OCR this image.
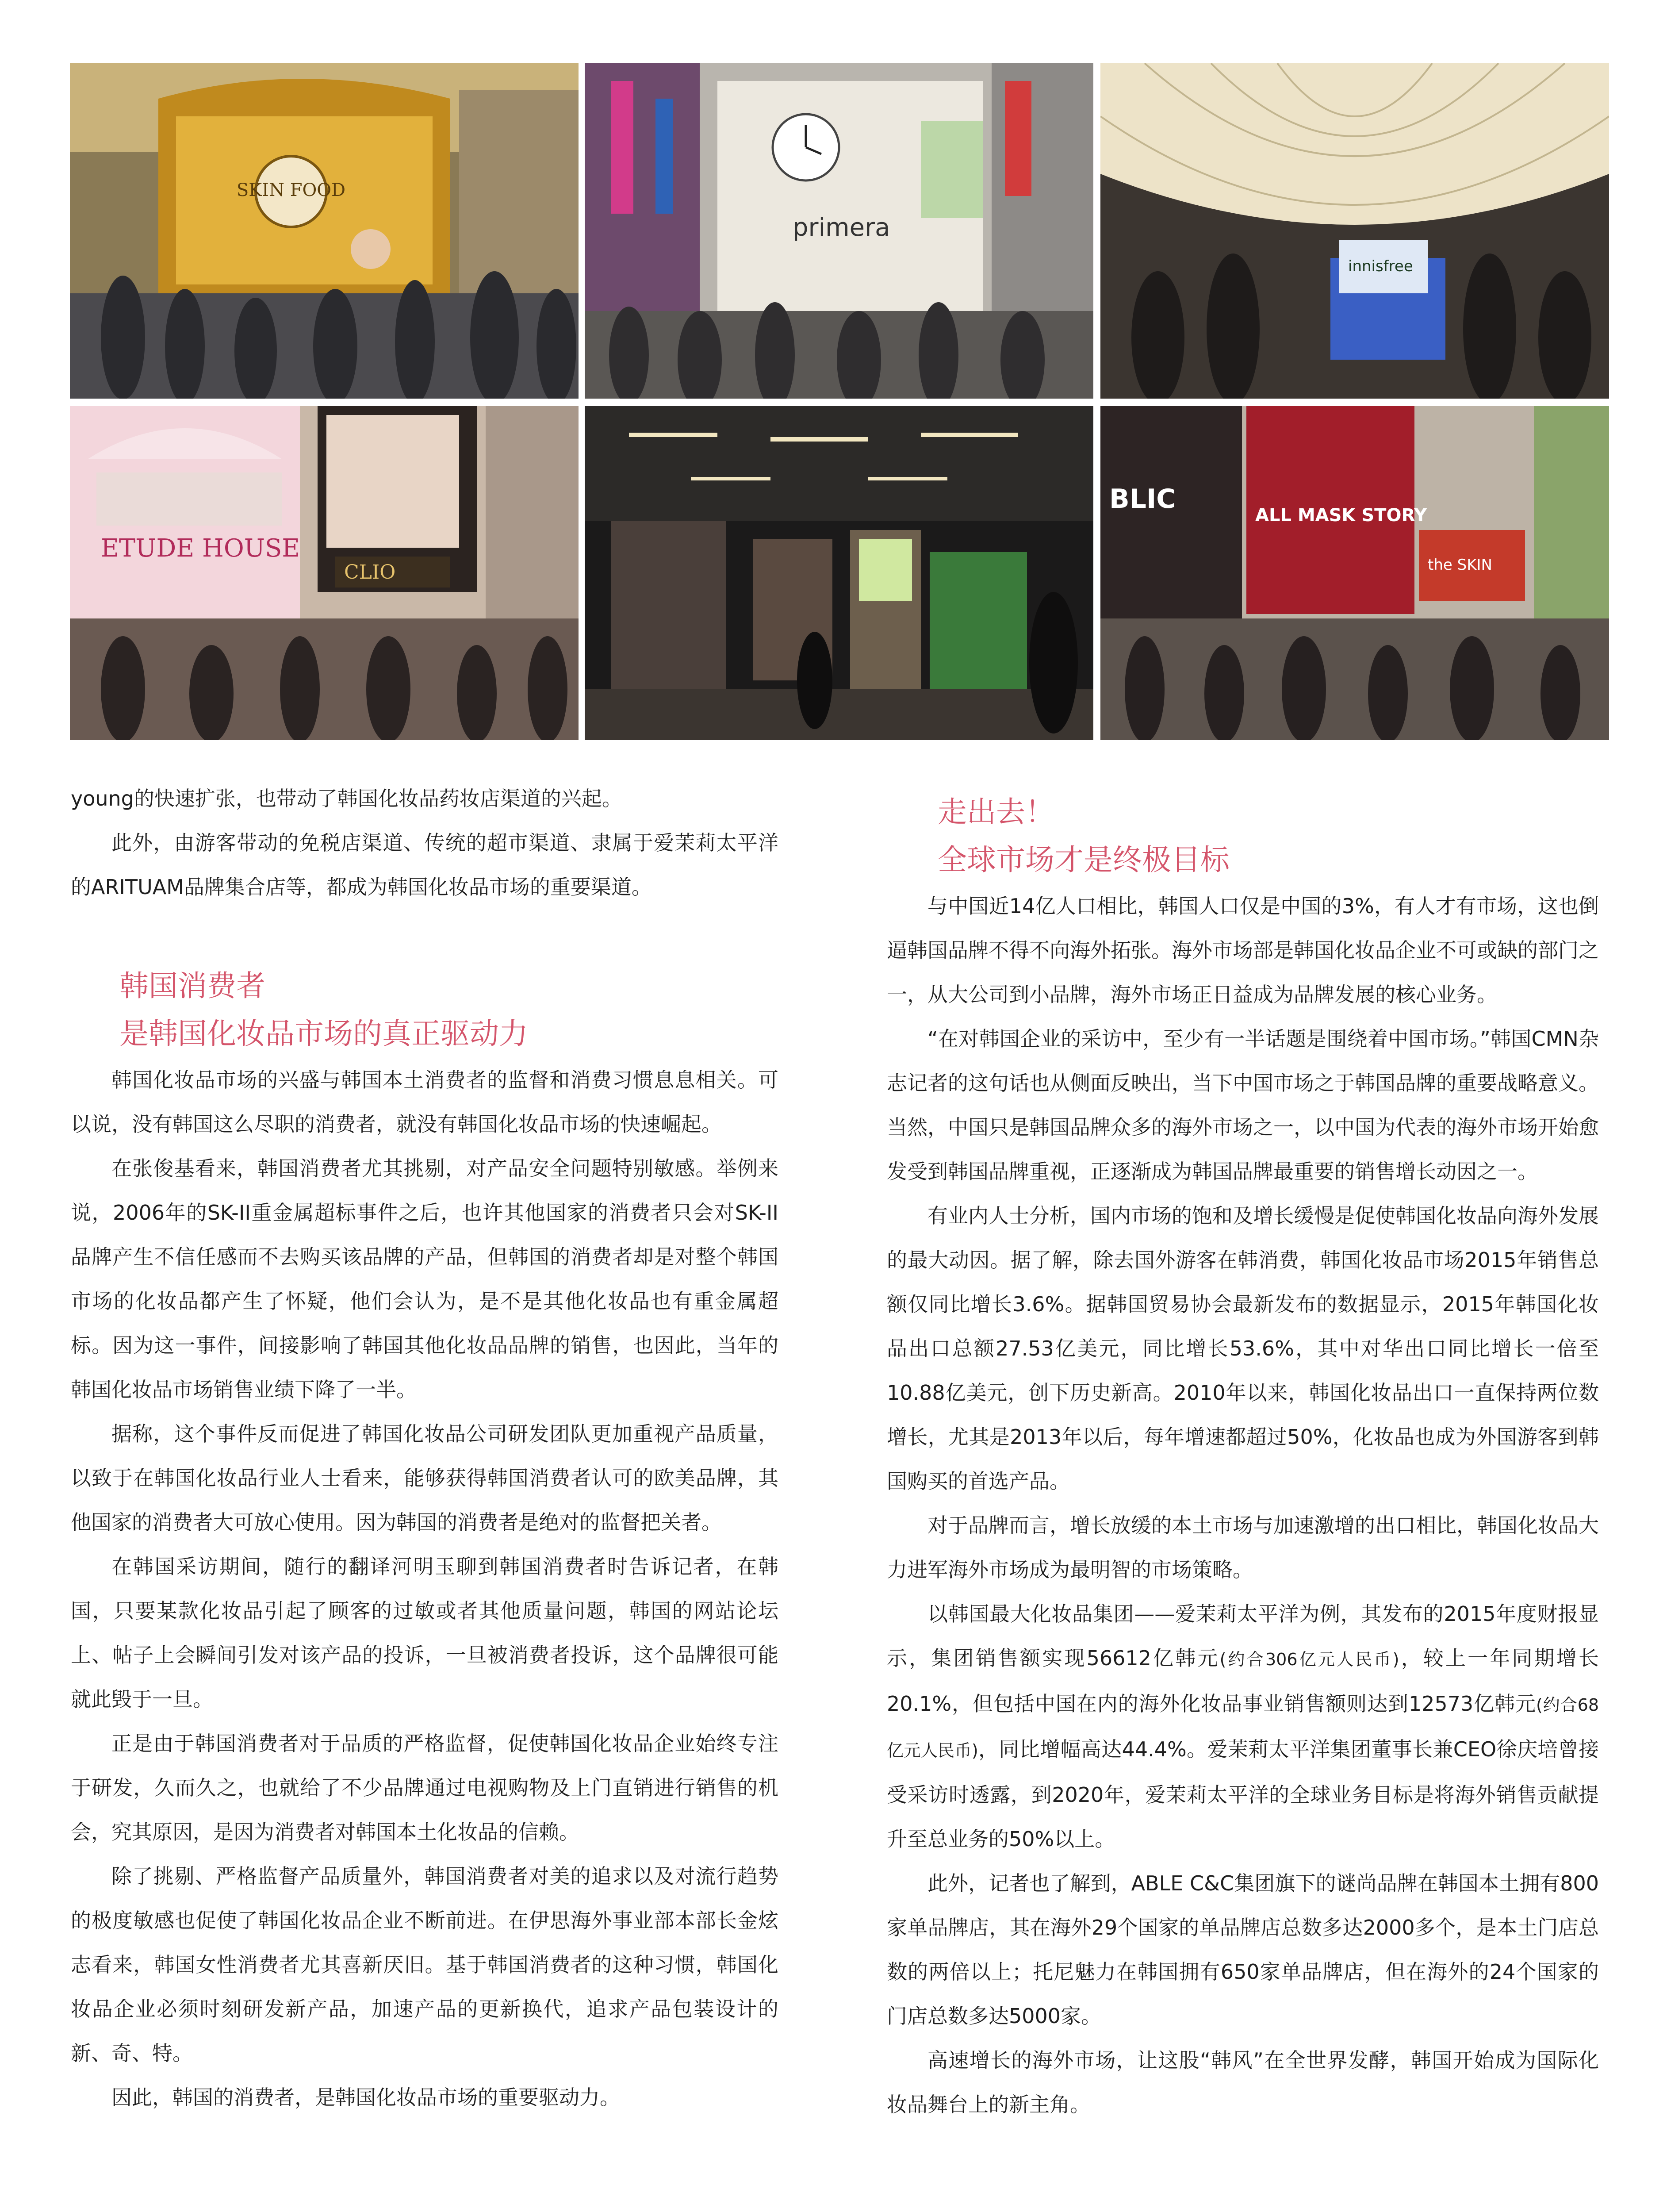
SKIN FOOD
primera
innisfree
ETUDE HOUSE
CLIO
BLIC
ALL MASK STORY
the SKIN

young的快速扩张，也带动了韩国化妆品药妆店渠道的兴起。

此外，由游客带动的免税店渠道、传统的超市渠道、隶属于爱茉莉太平洋的ARITUAM品牌集合店等，都成为韩国化妆品市场的重要渠道。

韩国消费者

是韩国化妆品市场的真正驱动力

韩国化妆品市场的兴盛与韩国本土消费者的监督和消费习惯息息相关。可以说，没有韩国这么尽职的消费者，就没有韩国化妆品市场的快速崛起。

在张俊基看来，韩国消费者尤其挑剔，对产品安全问题特别敏感。举例来说，2006年的SK-II重金属超标事件之后，也许其他国家的消费者只会对SK-II品牌产生不信任感而不去购买该品牌的产品，但韩国的消费者却是对整个韩国市场的化妆品都产生了怀疑，他们会认为，是不是其他化妆品也有重金属超标。因为这一事件，间接影响了韩国其他化妆品品牌的销售，也因此，当年的韩国化妆品市场销售业绩下降了一半。

据称，这个事件反而促进了韩国化妆品公司研发团队更加重视产品质量，以致于在韩国化妆品行业人士看来，能够获得韩国消费者认可的欧美品牌，其他国家的消费者大可放心使用。因为韩国的消费者是绝对的监督把关者。

在韩国采访期间，随行的翻译河明玉聊到韩国消费者时告诉记者，在韩国，只要某款化妆品引起了顾客的过敏或者其他质量问题，韩国的网站论坛上、帖子上会瞬间引发对该产品的投诉，一旦被消费者投诉，这个品牌很可能就此毁于一旦。

正是由于韩国消费者对于品质的严格监督，促使韩国化妆品企业始终专注于研发，久而久之，也就给了不少品牌通过电视购物及上门直销进行销售的机会，究其原因，是因为消费者对韩国本土化妆品的信赖。

除了挑剔、严格监督产品质量外，韩国消费者对美的追求以及对流行趋势的极度敏感也促使了韩国化妆品企业不断前进。在伊思海外事业部本部长金炫志看来，韩国女性消费者尤其喜新厌旧。基于韩国消费者的这种习惯，韩国化妆品企业必须时刻研发新产品，加速产品的更新换代，追求产品包装设计的新、奇、特。

因此，韩国的消费者，是韩国化妆品市场的重要驱动力。

走出去！

全球市场才是终极目标

与中国近14亿人口相比，韩国人口仅是中国的3%，有人才有市场，这也倒逼韩国品牌不得不向海外拓张。海外市场部是韩国化妆品企业不可或缺的部门之一，从大公司到小品牌，海外市场正日益成为品牌发展的核心业务。

“在对韩国企业的采访中，至少有一半话题是围绕着中国市场。”韩国CMN杂志记者的这句话也从侧面反映出，当下中国市场之于韩国品牌的重要战略意义。当然，中国只是韩国品牌众多的海外市场之一，以中国为代表的海外市场开始愈发受到韩国品牌重视，正逐渐成为韩国品牌最重要的销售增长动因之一。

有业内人士分析，国内市场的饱和及增长缓慢是促使韩国化妆品向海外发展的最大动因。据了解，除去国外游客在韩消费，韩国化妆品市场2015年销售总额仅同比增长3.6%。据韩国贸易协会最新发布的数据显示，2015年韩国化妆品出口总额27.53亿美元，同比增长53.6%，其中对华出口同比增长一倍至10.88亿美元，创下历史新高。2010年以来，韩国化妆品出口一直保持两位数增长，尤其是2013年以后，每年增速都超过50%，化妆品也成为外国游客到韩国购买的首选产品。

对于品牌而言，增长放缓的本土市场与加速激增的出口相比，韩国化妆品大力进军海外市场成为最明智的市场策略。

以韩国最大化妆品集团——爱茉莉太平洋为例，其发布的2015年度财报显示，集团销售额实现56612亿韩元(约合306亿元人民币)，较上一年同期增长20.1%，但包括中国在内的海外化妆品事业销售额则达到12573亿韩元(约合68亿元人民币)，同比增幅高达44.4%。爱茉莉太平洋集团董事长兼CEO徐庆培曾接受采访时透露，到2020年，爱茉莉太平洋的全球业务目标是将海外销售贡献提升至总业务的50%以上。

此外，记者也了解到，ABLE C&C集团旗下的谜尚品牌在韩国本土拥有800家单品牌店，其在海外29个国家的单品牌店总数多达2000多个，是本土门店总数的两倍以上；托尼魅力在韩国拥有650家单品牌店，但在海外的24个国家的门店总数多达5000家。

高速增长的海外市场，让这股“韩风”在全世界发酵，韩国开始成为国际化妆品舞台上的新主角。
